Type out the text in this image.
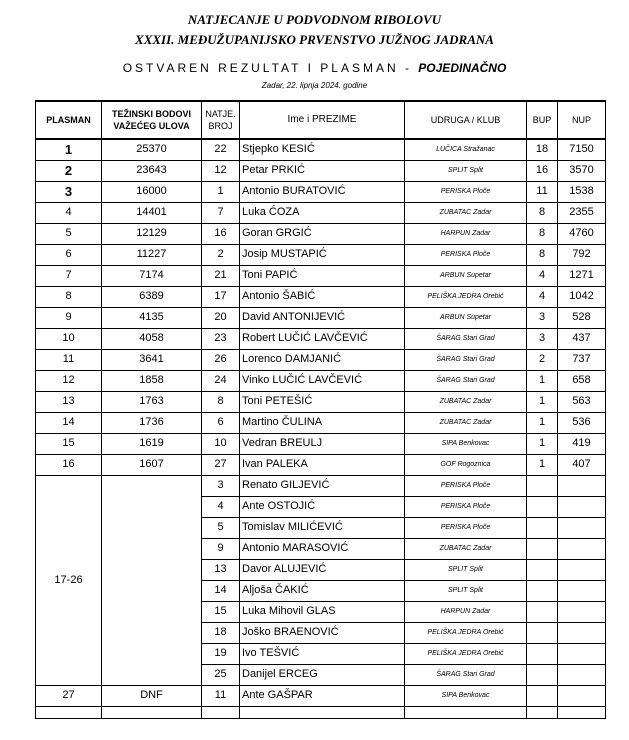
NATJECANJE U PODVODNOM RIBOLOVU
XXXII. MEĐUŽUPANIJSKO PRVENSTVO JUŽNOG JADRANA
OSTVAREN REZULTAT I PLASMAN - POJEDINAČNO
Zadar, 22. lipnja 2024. godine
PLASMAN	TEŽINSKI BODOVI VAŽEĆEG ULOVA	NATJE. BROJ	Ime i PREZIME	UDRUGA / KLUB	BUP	NUP
1	25370	22	Stjepko KESIĆ	LUČICA Stražanac	18	7150
2	23643	12	Petar PRKIĆ	SPLIT Split	16	3570
3	16000	1	Antonio BURATOVIĆ	PERISKA Ploče	11	1538
4	14401	7	Luka ĆOZA	ZUBATAC Zadar	8	2355
5	12129	16	Goran GRGIĆ	HARPUN Zadar	8	4760
6	11227	2	Josip MUSTAPIĆ	PERISKA Ploče	8	792
7	7174	21	Toni PAPIĆ	ARBUN Supetar	4	1271
8	6389	17	Antonio ŠABIĆ	PELIŠKA JEDRA Orebić	4	1042
9	4135	20	David ANTONIJEVIĆ	ARBUN Supetar	3	528
10	4058	23	Robert LUČIĆ LAVČEVIĆ	ŠARAG Stari Grad	3	437
11	3641	26	Lorenco DAMJANIĆ	ŠARAG Stari Grad	2	737
12	1858	24	Vinko LUČIĆ LAVČEVIĆ	ŠARAG Stari Grad	1	658
13	1763	8	Toni PETEŠIĆ	ZUBATAC Zadar	1	563
14	1736	6	Martino ČULINA	ZUBATAC Zadar	1	536
15	1619	10	Vedran BREULJ	SIPA Benkovac	1	419
16	1607	27	Ivan PALEKA	GOF Rogoznica	1	407
17-26		3	Renato GILJEVIĆ	PERISKA Ploče		
		4	Ante OSTOJIĆ	PERISKA Ploče		
		5	Tomislav MILIĆEVIĆ	PERISKA Ploče		
		9	Antonio MARASOVIĆ	ZUBATAC Zadar		
		13	Davor ALUJEVIĆ	SPLIT Split		
		14	Aljoša ČAKIĆ	SPLIT Split		
		15	Luka Mihovil GLAS	HARPUN Zadar		
		18	Joško BRAENOVIĆ	PELIŠKA JEDRA Orebić		
		19	Ivo TEŠVIĆ	PELIŠKA JEDRA Orebić		
		25	Danijel ERCEG	ŠARAG Stari Grad		
27	DNF	11	Ante GAŠPAR	SIPA Benkovac		
